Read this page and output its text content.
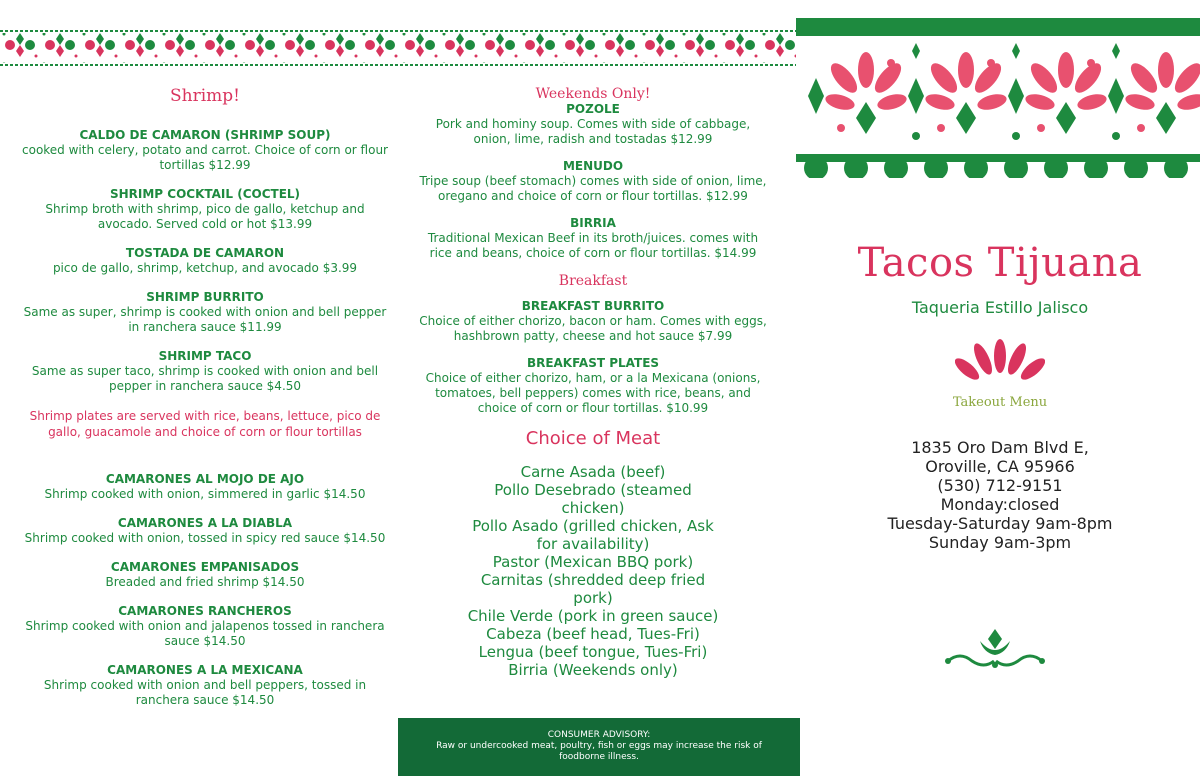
Shrimp!
CALDO DE CAMARON (SHRIMP SOUP)
cooked with celery, potato and carrot. Choice of corn or flour tortillas $12.99
SHRIMP COCKTAIL (COCTEL)
Shrimp broth with shrimp, pico de gallo, ketchup and avocado. Served cold or hot $13.99
TOSTADA DE CAMARON
pico de gallo, shrimp, ketchup, and avocado $3.99
SHRIMP BURRITO
Same as super, shrimp is cooked with onion and bell pepper in ranchera sauce $11.99
SHRIMP TACO
Same as super taco, shrimp is cooked with onion and bell pepper in ranchera sauce $4.50
Shrimp plates are served with rice, beans, lettuce, pico de gallo, guacamole and choice of corn or flour tortillas
CAMARONES AL MOJO DE AJO
Shrimp cooked with onion, simmered in garlic $14.50
CAMARONES A LA DIABLA
Shrimp cooked with onion, tossed in spicy red sauce $14.50
CAMARONES EMPANISADOS
Breaded and fried shrimp $14.50
CAMARONES RANCHEROS
Shrimp cooked with onion and jalapenos tossed in ranchera sauce $14.50
CAMARONES A LA MEXICANA
Shrimp cooked with onion and bell peppers, tossed in ranchera sauce $14.50
Weekends Only!
POZOLE
Pork and hominy soup. Comes with side of cabbage, onion, lime, radish and tostadas $12.99
MENUDO
Tripe soup (beef stomach) comes with side of onion, lime, oregano and choice of corn or flour tortillas. $12.99
BIRRIA
Traditional Mexican Beef in its broth/juices. comes with rice and beans, choice of corn or flour tortillas. $14.99
Breakfast
BREAKFAST BURRITO
Choice of either chorizo, bacon or ham. Comes with eggs, hashbrown patty, cheese and hot sauce $7.99
BREAKFAST PLATES
Choice of either chorizo, ham, or a la Mexicana (onions, tomatoes, bell peppers) comes with rice, beans, and choice of corn or flour tortillas. $10.99
Choice of Meat
Carne Asada (beef)
Pollo Desebrado (steamed chicken)
Pollo Asado (grilled chicken, Ask for availability)
Pastor (Mexican BBQ pork)
Carnitas (shredded deep fried pork)
Chile Verde (pork in green sauce)
Cabeza (beef head, Tues-Fri)
Lengua (beef tongue, Tues-Fri)
Birria (Weekends only)
CONSUMER ADVISORY:
Raw or undercooked meat, poultry, fish or eggs may increase the risk of foodborne illness.
Tacos Tijuana
Taqueria Estillo Jalisco
Takeout Menu
1835 Oro Dam Blvd E,
Oroville, CA 95966
(530) 712-9151
Monday:closed
Tuesday-Saturday 9am-8pm
Sunday 9am-3pm
